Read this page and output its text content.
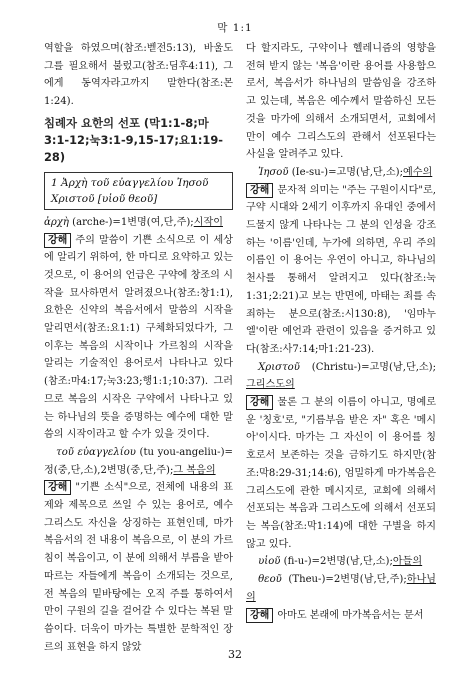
막 1:1

역할을 하였으며(참조:벧전5:13), 바울도 그를 필요해서 불렀고(참조:딤후4:11), 그에게 동역자라고까지 말한다(참조:몬1:24).

침례자 요한의 선포 (막1:1-8;마3:1-12;눅3:1-9,15-17;요1:19-28)
1 Ἀρχὴ τοῦ εὐαγγελίου Ἰησοῦ Χριστοῦ [υἱοῦ θεοῦ]

ἀρχὴ (arche-)=1변명(여,단,주);시작이

강해 주의 말씀이 기쁜 소식으로 이 세상에 알리기 위하여, 한 마디로 요약하고 있는 것으로, 이 용어의 언급은 구약에 창조의 시작을 묘사하면서 알려졌으나(참조:창1:1), 요한은 신약의 복음서에서 말씀의 시작을 알리면서(참조:요1:1) 구체화되었다가, 그 이후는 복음의 시작이나 가르침의 시작을 알리는 기술적인 용어로서 나타나고 있다(참조:마4:17;눅3:23;행1:1;10:37). 그러므로 복음의 시작은 구약에서 나타나고 있는 하나님의 뜻을 증명하는 예수에 대한 말씀의 시작이라고 할 수가 있을 것이다.

τοῦ εὐαγγελίου (tu you-angeliu-)=정(중,단,소),2변명(중,단,주);그 복음의

강해 "기쁜 소식"으로, 전체에 내용의 표제와 제목으로 쓰일 수 있는 용어로, 예수 그리스도 자신을 상징하는 표현인데, 마가복음서의 전 내용이 복음으로, 이 분의 가르침이 복음이고, 이 분에 의해서 부름을 받아 따르는 자들에게 복음이 소개되는 것으로, 전 복음의 밑바탕에는 오직 주를 통하여서만이 구원의 길을 걸어갈 수 있다는 복된 말씀이다. 더욱이 마가는 특별한 문학적인 장르의 표현을 하지 않았

다 할지라도, 구약이나 헬레니즘의 영향을 전혀 받지 않는 '복음'이란 용어를 사용함으로서, 복음서가 하나님의 말씀임을 강조하고 있는데, 복음은 예수께서 말씀하신 모든 것을 마가에 의해서 소개되면서, 교회에서만이 예수 그리스도의 관해서 선포된다는 사실을 알려주고 있다.

Ἰησοῦ (Ie-su-)=고명(남,단,소);예수의

강해 문자적 의미는 "주는 구원이시다"로, 구약 시대와 2세기 이후까지 유대인 중에서 드물지 않게 나타나는 그 분의 인성을 강조하는 '이름'인데, 누가에 의하면, 우리 주의 이름인 이 용어는 우연이 아니고, 하나님의 천사를 통해서 알려지고 있다(참조:눅1:31;2:21)고 보는 반면에, 마태는 죄를 속죄하는 분으로(참조:시130:8), '임마누엘'이란 예언과 관련이 있음을 증거하고 있다(참조:사7:14;마1:21-23).

Χριστοῦ (Christu-)=고명(남,단,소);그리스도의

강해 물론 그 분의 이름이 아니고, 명예로운 '칭호'로, "기름부음 받은 자" 혹은 '메시아'이시다. 마가는 그 자신이 이 용어를 칭호로서 보존하는 것을 금하기도 하지만(참조:막8:29-31;14:6), 엄밀하게 마가복음은 그리스도에 관한 메시지로, 교회에 의해서 선포되는 복음과 그리스도에 의해서 선포되는 복음(참조:막1:14)에 대한 구별을 하지 않고 있다.

υἱοῦ (fi-u-)=2변명(남,단,소);아들의

θεοῦ (Theu-)=2변명(남,단,주);하나님의

강해 아마도 본래에 마가복음서는 문서

32
